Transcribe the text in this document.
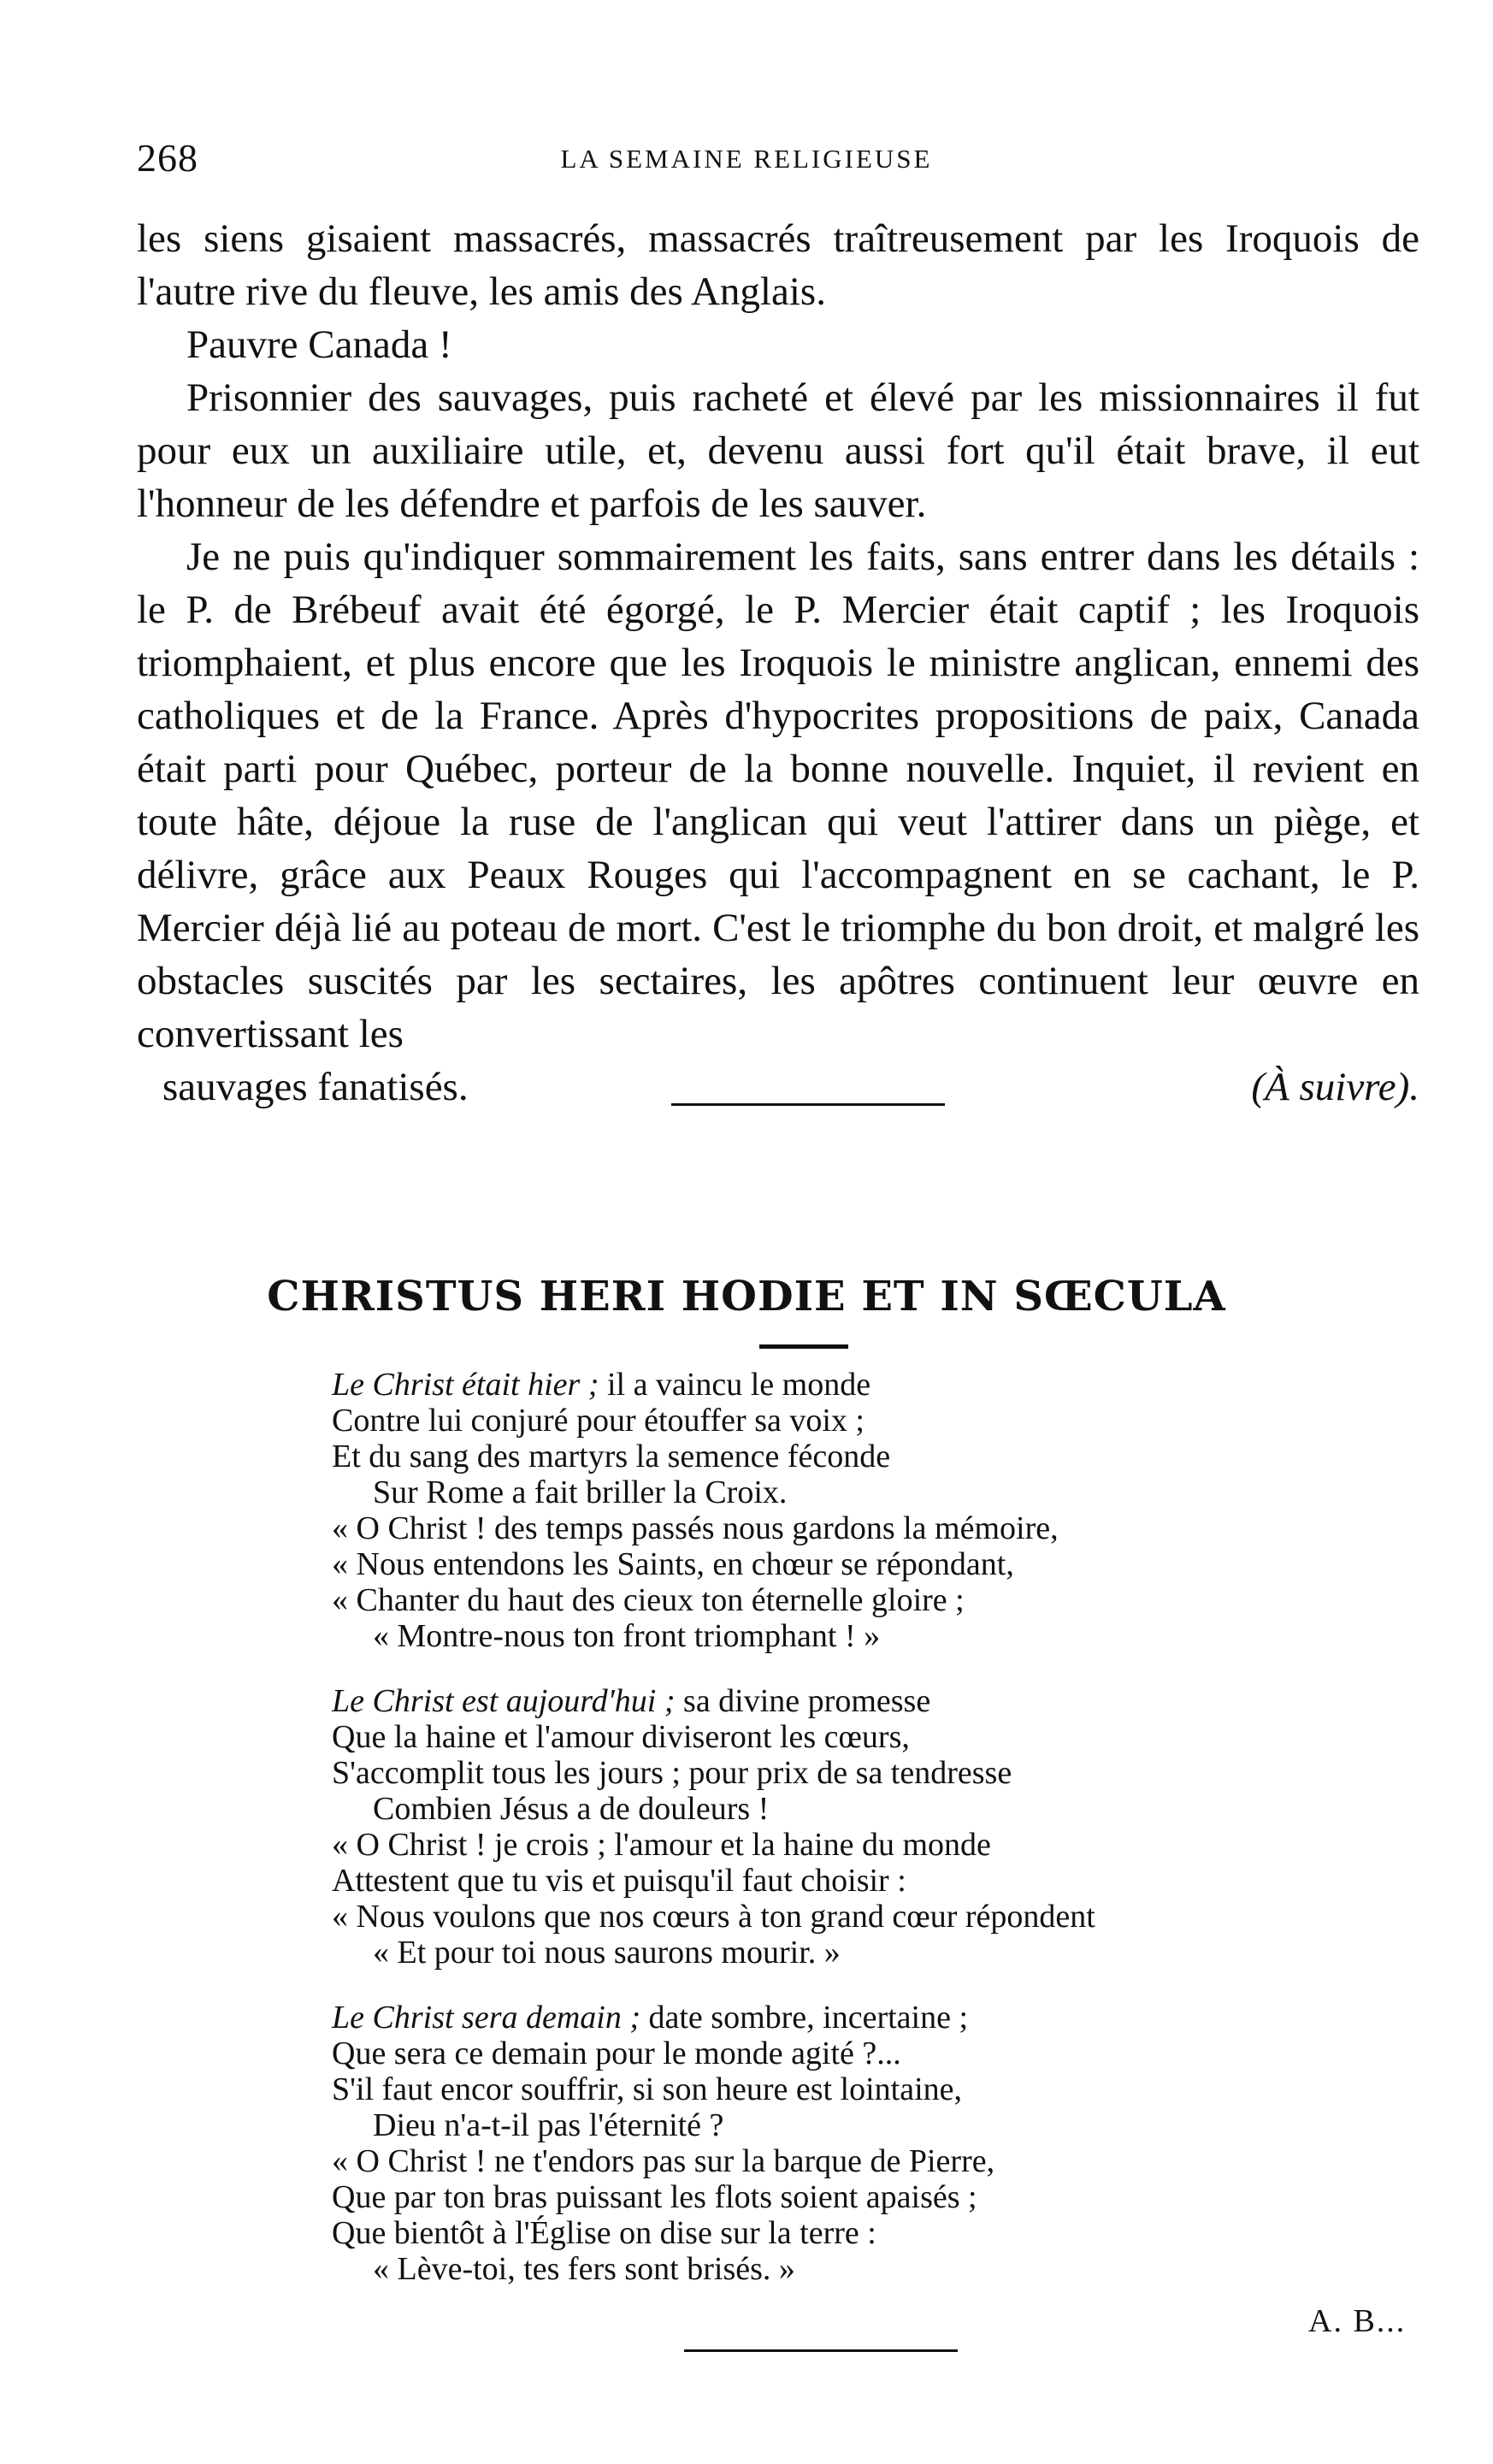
268	LA SEMAINE RELIGIEUSE

les siens gisaient massacrés, massacrés traîtreusement par les Iroquois de l'autre rive du fleuve, les amis des Anglais.

Pauvre Canada !

Prisonnier des sauvages, puis racheté et élevé par les missionnaires il fut pour eux un auxiliaire utile, et, devenu aussi fort qu'il était brave, il eut l'honneur de les défendre et parfois de les sauver.

Je ne puis qu'indiquer sommairement les faits, sans entrer dans les détails : le P. de Brébeuf avait été égorgé, le P. Mercier était captif ; les Iroquois triomphaient, et plus encore que les Iroquois le ministre anglican, ennemi des catholiques et de la France. Après d'hypocrites propositions de paix, Canada était parti pour Québec, porteur de la bonne nouvelle. Inquiet, il revient en toute hâte, déjoue la ruse de l'anglican qui veut l'attirer dans un piège, et délivre, grâce aux Peaux Rouges qui l'accompagnent en se cachant, le P. Mercier déjà lié au poteau de mort. C'est le triomphe du bon droit, et malgré les obstacles suscités par les sectaires, les apôtres continuent leur œuvre en convertissant les

sauvages fanatisés.	(À suivre).
CHRISTUS HERI HODIE ET IN SŒCULA
Le Christ était hier ; il a vaincu le monde
Contre lui conjuré pour étouffer sa voix ;
Et du sang des martyrs la semence féconde
Sur Rome a fait briller la Croix.
« O Christ ! des temps passés nous gardons la mémoire,
« Nous entendons les Saints, en chœur se répondant,
« Chanter du haut des cieux ton éternelle gloire ;
« Montre-nous ton front triomphant ! »
Le Christ est aujourd'hui ; sa divine promesse
Que la haine et l'amour diviseront les cœurs,
S'accomplit tous les jours ; pour prix de sa tendresse
Combien Jésus a de douleurs !
« O Christ ! je crois ; l'amour et la haine du monde
Attestent que tu vis et puisqu'il faut choisir :
« Nous voulons que nos cœurs à ton grand cœur répondent
« Et pour toi nous saurons mourir. »
Le Christ sera demain ; date sombre, incertaine ;
Que sera ce demain pour le monde agité ?...
S'il faut encor souffrir, si son heure est lointaine,
Dieu n'a-t-il pas l'éternité ?
« O Christ ! ne t'endors pas sur la barque de Pierre,
Que par ton bras puissant les flots soient apaisés ;
Que bientôt à l'Église on dise sur la terre :
« Lève-toi, tes fers sont brisés. »
A. B...
